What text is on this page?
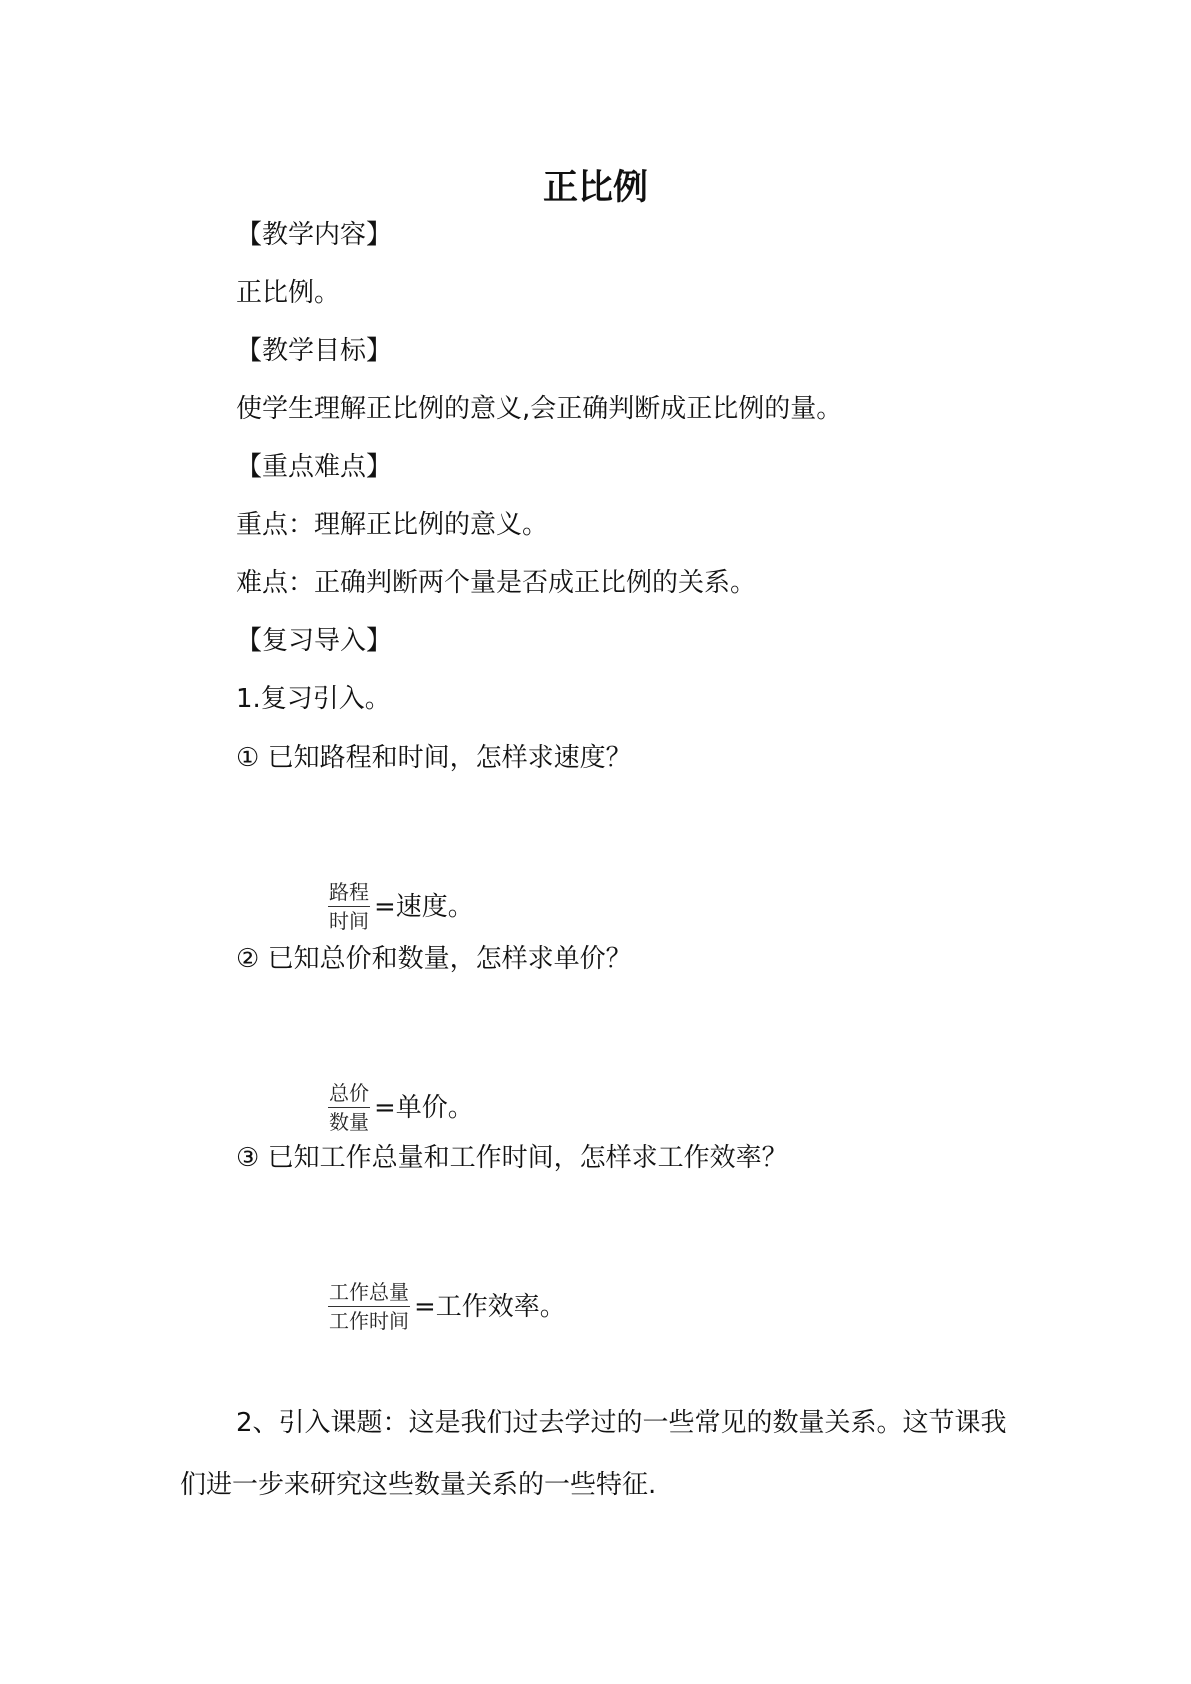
正比例
【教学内容】
正比例。
【教学目标】
使学生理解正比例的意义,会正确判断成正比例的量。
【重点难点】
重点：理解正比例的意义。
难点：正确判断两个量是否成正比例的关系。
【复习导入】
1.复习引入。
① 已知路程和时间，怎样求速度？
$\frac{\text{路程}}{\text{时间}}$ =速度。
② 已知总价和数量，怎样求单价？
$\frac{\text{总价}}{\text{数量}}$ =单价。
③ 已知工作总量和工作时间，怎样求工作效率？
$\frac{\text{工作总量}}{\text{工作时间}}$ =工作效率。

2、引入课题：这是我们过去学过的一些常见的数量关系。这节课我们进一步来研究这些数量关系的一些特征.
